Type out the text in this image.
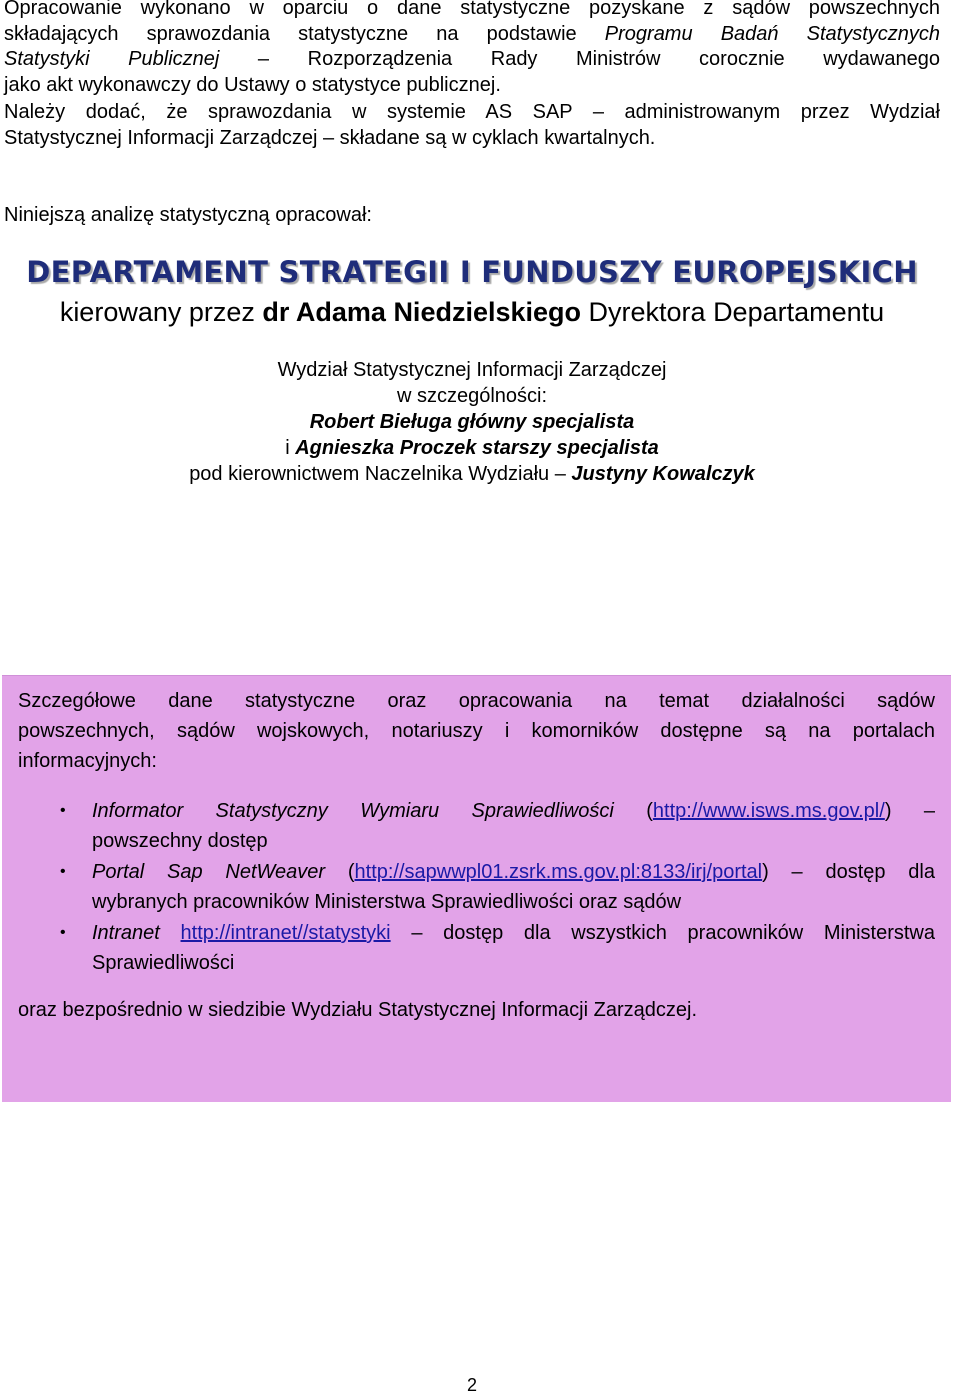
Opracowanie wykonano w oparciu o dane statystyczne pozyskane z sądów powszechnych
składających sprawozdania statystyczne na podstawie Programu Badań Statystycznych
Statystyki Publicznej – Rozporządzenia Rady Ministrów corocznie wydawanego
jako akt wykonawczy do Ustawy o statystyce publicznej.

Należy dodać, że sprawozdania w systemie AS SAP – administrowanym przez Wydział
Statystycznej Informacji Zarządczej – składane są w cyklach kwartalnych.

Niniejszą analizę statystyczną opracował:

DEPARTAMENT STRATEGII I FUNDUSZY EUROPEJSKICH

kierowany przez dr Adama Niedzielskiego Dyrektora Departamentu

Wydział Statystycznej Informacji Zarządczej
w szczególności:
Robert Bieługa główny specjalista
i Agnieszka Proczek starszy specjalista
pod kierownictwem Naczelnika Wydziału – Justyny Kowalczyk

Szczegółowe dane statystyczne oraz opracowania na temat działalności sądów
powszechnych, sądów wojskowych, notariuszy i komorników dostępne są na portalach
informacyjnych:

• Informator Statystyczny Wymiaru Sprawiedliwości (http://www.isws.ms.gov.pl/) –
powszechny dostęp
• Portal Sap NetWeaver (http://sapwwpl01.zsrk.ms.gov.pl:8133/irj/portal) – dostęp dla
wybranych pracowników Ministerstwa Sprawiedliwości oraz sądów
• Intranet http://intranet//statystyki – dostęp dla wszystkich pracowników Ministerstwa
Sprawiedliwości

oraz bezpośrednio w siedzibie Wydziału Statystycznej Informacji Zarządczej.

2
